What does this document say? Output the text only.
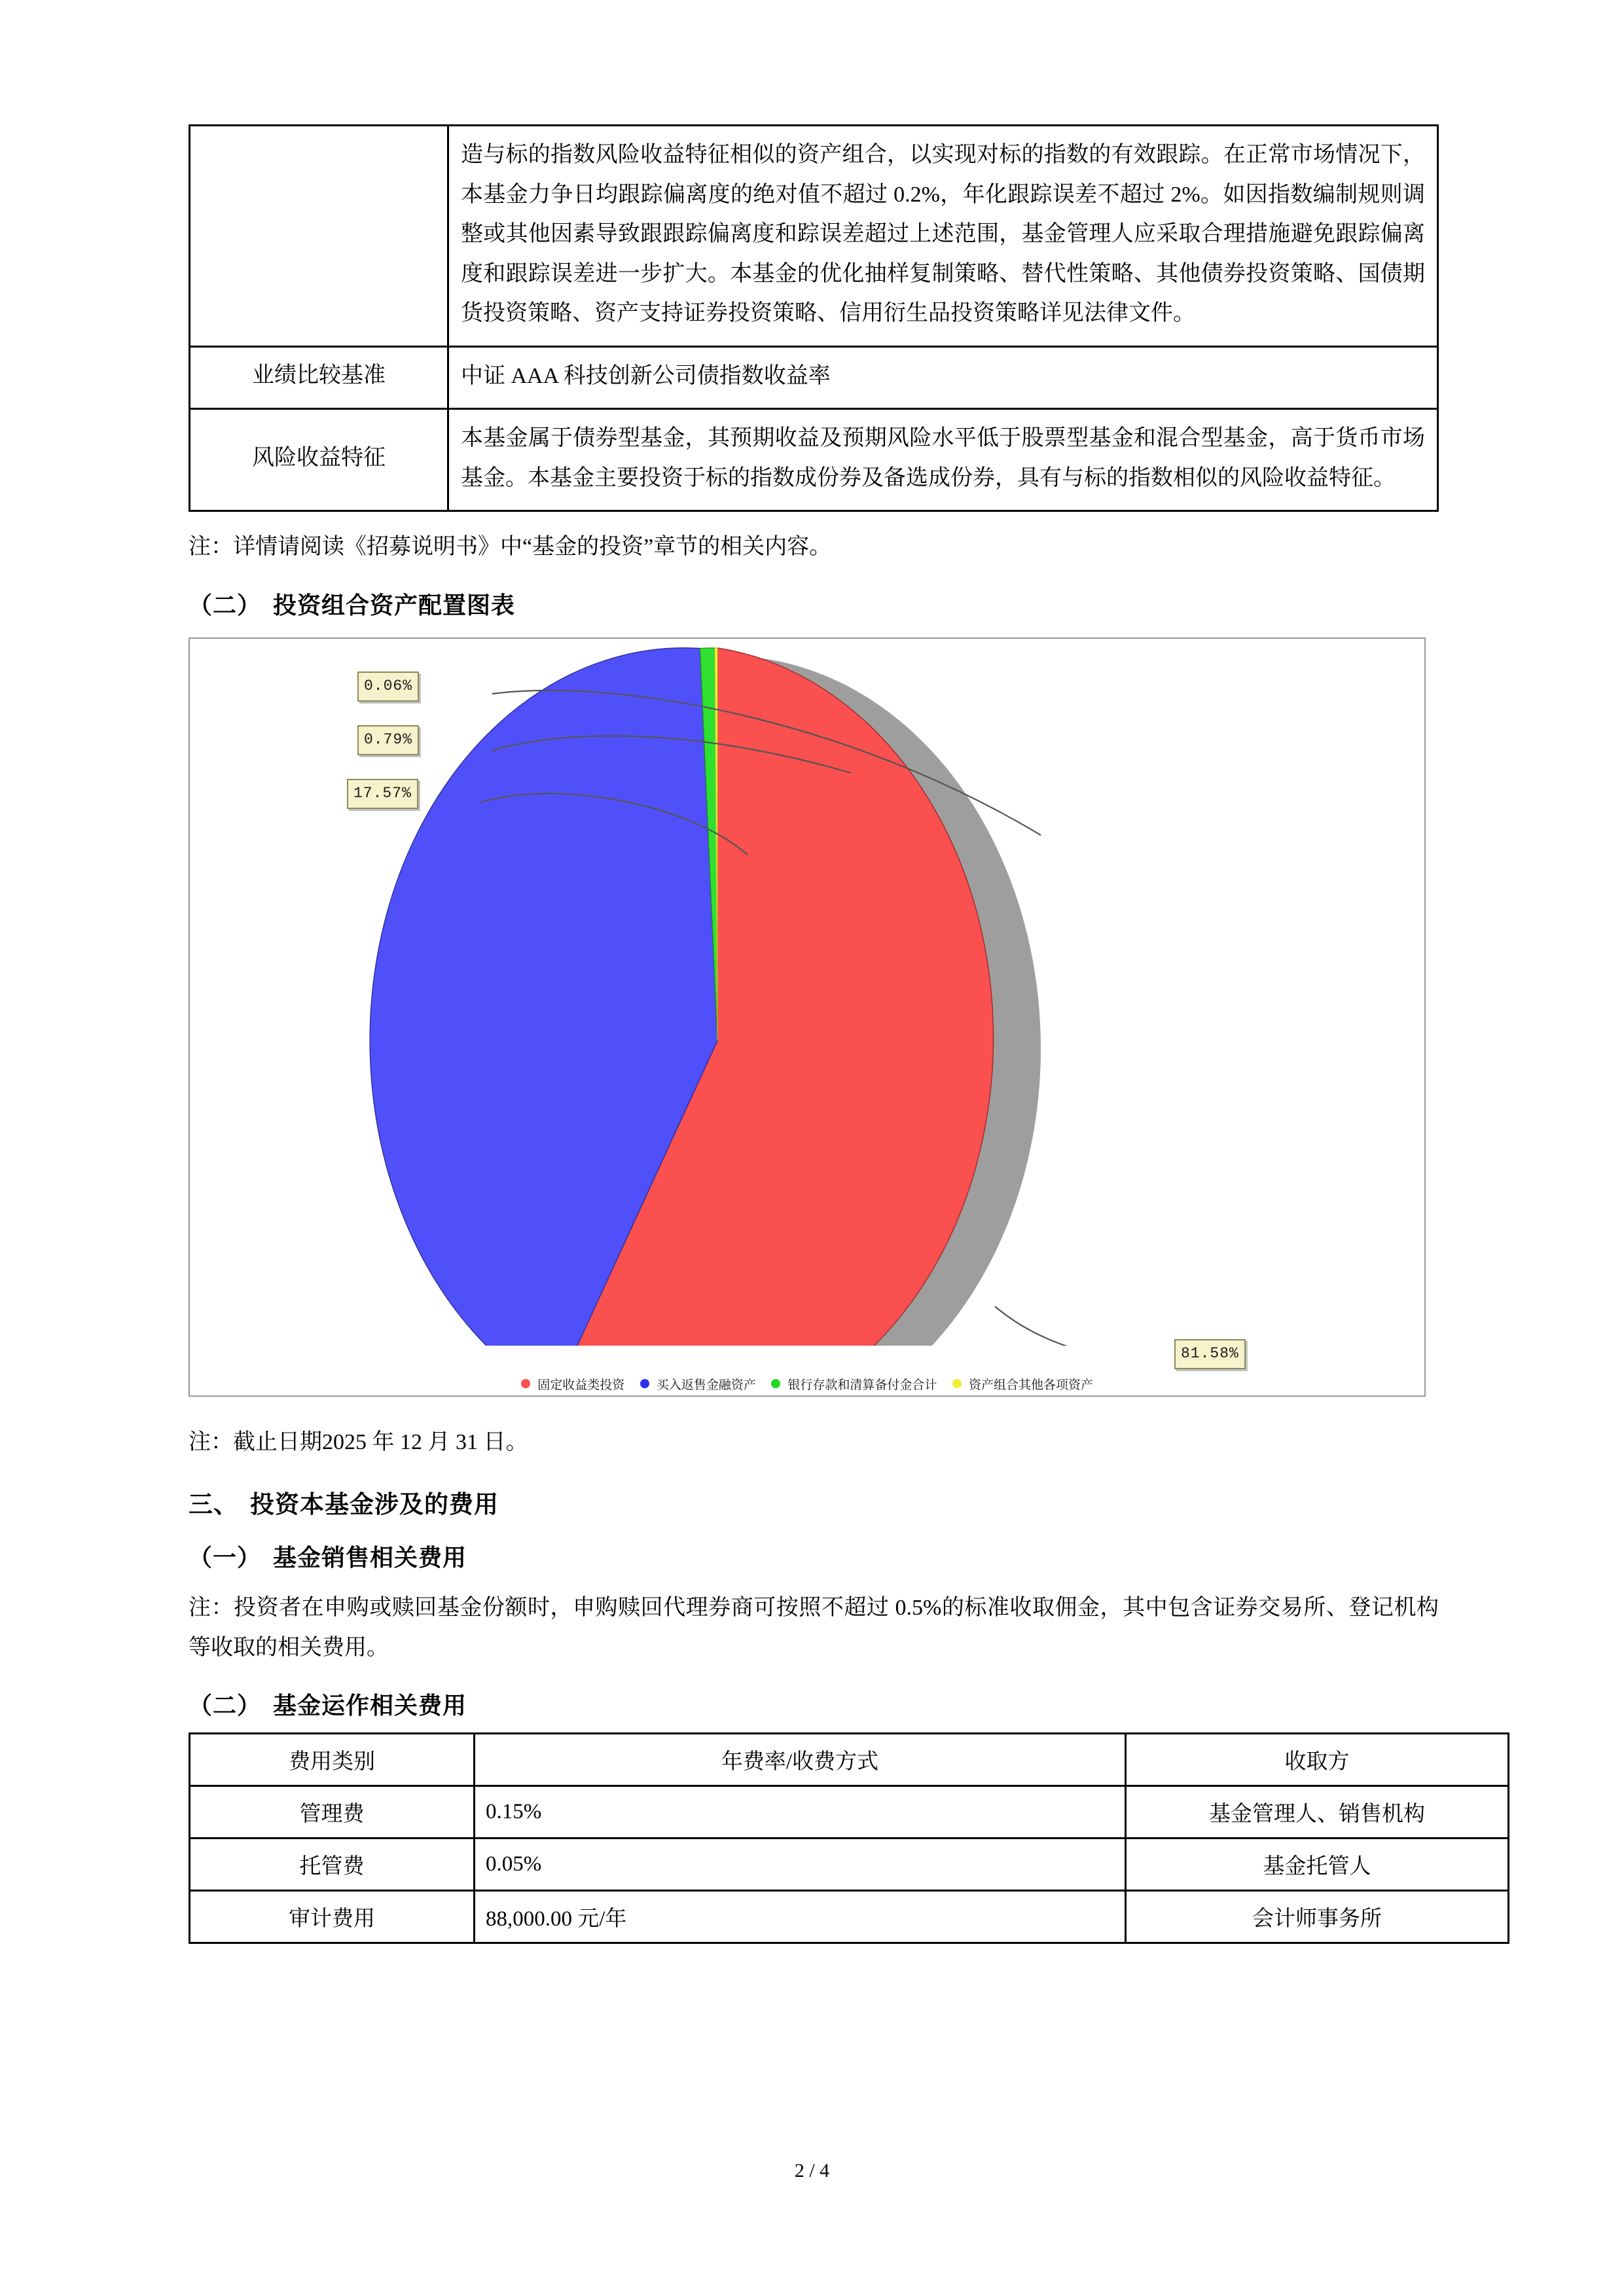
	造与标的指数风险收益特征相似的资产组合，以实现对标的指数的有效跟踪。在正常市场情况下，本基金力争日均跟踪偏离度的绝对值不超过 0.2%，年化跟踪误差不超过 2%。如因指数编制规则调整或其他因素导致跟跟踪偏离度和踪误差超过上述范围，基金管理人应采取合理措施避免跟踪偏离度和跟踪误差进一步扩大。本基金的优化抽样复制策略、替代性策略、其他债券投资策略、国债期货投资策略、资产支持证券投资策略、信用衍生品投资策略详见法律文件。

业绩比较基准	中证 AAA 科技创新公司债指数收益率

风险收益特征	本基金属于债券型基金，其预期收益及预期风险水平低于股票型基金和混合型基金，高于货币市场基金。本基金主要投资于标的指数成份券及备选成份券，具有与标的指数相似的风险收益特征。

注：详情请阅读《招募说明书》中“基金的投资”章节的相关内容。

（二） 投资组合资产配置图表
0.06%
0.79%
17.57%
81.58%
固定收益类投资	买入返售金融资产	银行存款和清算备付金合计	资产组合其他各项资产

注：截止日期2025 年 12 月 31 日。

三、 投资本基金涉及的费用
（一） 基金销售相关费用

注：投资者在申购或赎回基金份额时，申购赎回代理券商可按照不超过 0.5%的标准收取佣金，其中包含证券交易所、登记机构等收取的相关费用。

（二） 基金运作相关费用
费用类别	年费率/收费方式	收取方
管理费	0.15%	基金管理人、销售机构
托管费	0.05%	基金托管人
审计费用	88,000.00 元/年	会计师事务所
2 / 4
